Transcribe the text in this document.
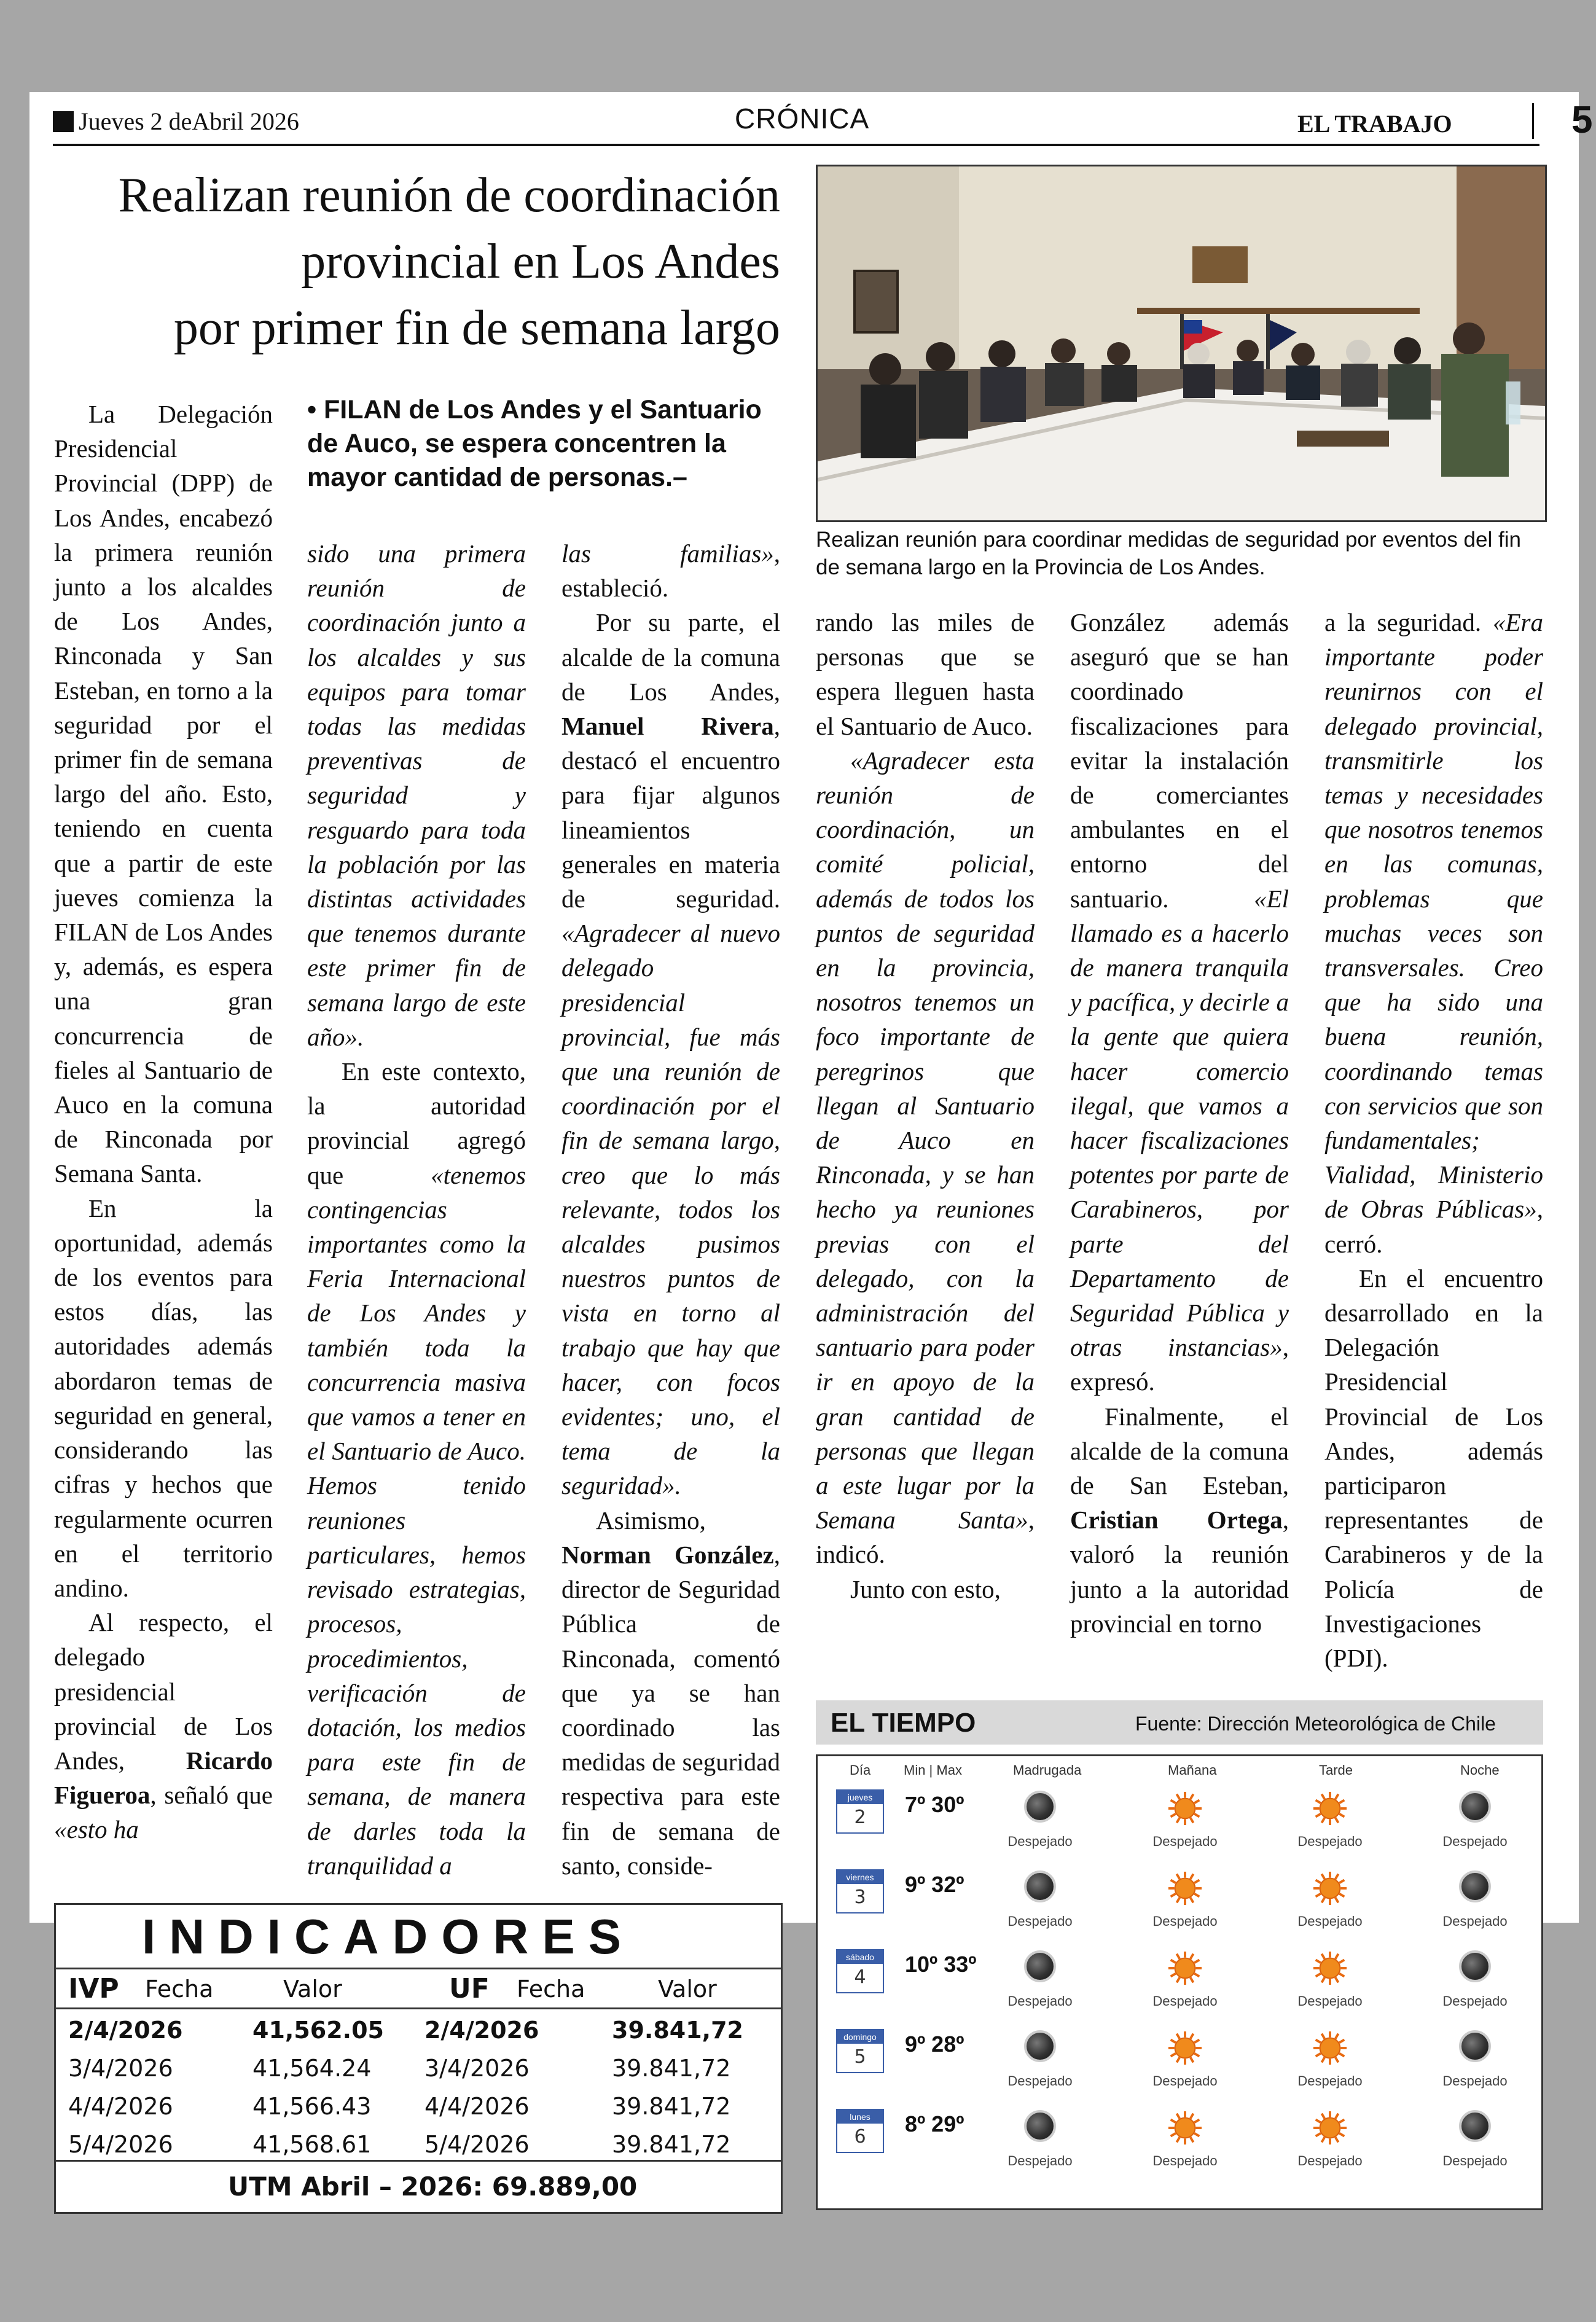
Jueves 2 deAbril 2026	CRÓNICA	EL TRABAJO	5
Realizan reunión de coordinación
provincial en Los Andes
por primer fin de semana largo
• FILAN de Los Andes y el Santuario de Auco, se espera concentren la mayor cantidad de personas.–
Realizan reunión para coordinar medidas de seguridad por eventos del fin de semana largo en la Provincia de Los Andes.

La Delegación Presidencial Provincial (DPP) de Los Andes, encabezó la primera reunión junto a los alcaldes de Los Andes, Rinconada y San Esteban, en torno a la seguridad por el primer fin de semana largo del año. Esto, teniendo en cuenta que a partir de este jueves comienza la FILAN de Los Andes y, además, es espera una gran concurrencia de fieles al Santuario de Auco en la comuna de Rinconada por Semana Santa.

En la oportunidad, además de los eventos para estos días, las autoridades además abordaron temas de seguridad en general, considerando las cifras y hechos que regularmente ocurren en el territorio andino.

Al respecto, el delegado presidencial provincial de Los Andes, Ricardo Figueroa, señaló que «esto ha

sido una primera reunión de coordinación junto a los alcaldes y sus equipos para tomar todas las medidas preventivas de seguridad y resguardo para toda la población por las distintas actividades que tenemos durante este primer fin de semana largo de este año».

En este contexto, la autoridad provincial agregó que «tenemos contingencias importantes como la Feria Internacional de Los Andes y también toda la concurrencia masiva que vamos a tener en el Santuario de Auco. Hemos tenido reuniones particulares, hemos revisado estrategias, procesos, procedimientos, verificación de dotación, los medios para este fin de semana, de manera de darles toda la tranquilidad a

las familias», estableció.

Por su parte, el alcalde de la comuna de Los Andes, Manuel Rivera, destacó el encuentro para fijar algunos lineamientos generales en materia de seguridad. «Agradecer al nuevo delegado presidencial provincial, fue más que una reunión de coordinación por el fin de semana largo, creo que lo más relevante, todos los alcaldes pusimos nuestros puntos de vista en torno al trabajo que hay que hacer, con focos evidentes; uno, el tema de la seguridad».

Asimismo, Norman González, director de Seguridad Pública de Rinconada, comentó que ya se han coordinado las medidas de seguridad respectiva para este fin de semana de santo, conside-

rando las miles de personas que se espera lleguen hasta el Santuario de Auco.

«Agradecer esta reunión de coordinación, un comité policial, además de todos los puntos de seguridad en la provincia, nosotros tenemos un foco importante de peregrinos que llegan al Santuario de Auco en Rinconada, y se han hecho ya reuniones previas con el delegado, con la administración del santuario para poder ir en apoyo de la gran cantidad de personas que llegan a este lugar por la Semana Santa», indicó.

Junto con esto,

González además aseguró que se han coordinado fiscalizaciones para evitar la instalación de comerciantes ambulantes en el entorno del santuario. «El llamado es a hacerlo de manera tranquila y pacífica, y decirle a la gente que quiera hacer comercio ilegal, que vamos a hacer fiscalizaciones potentes por parte de Carabineros, por parte del Departamento de Seguridad Pública y otras instancias», expresó.

Finalmente, el alcalde de la comuna de San Esteban, Cristian Ortega, valoró la reunión junto a la autoridad provincial en torno

a la seguridad. «Era importante poder reunirnos con el delegado provincial, transmitirle los temas y necesidades que nosotros tenemos en las comunas, problemas que muchas veces son transversales. Creo que ha sido una buena reunión, coordinando temas con servicios que son fundamentales; Vialidad, Ministerio de Obras Públicas», cerró.

En el encuentro desarrollado en la Delegación Presidencial Provincial de Los Andes, además participaron representantes de Carabineros y de la Policía de Investigaciones (PDI).

INDICADORES
IVP Fecha	Valor	UF Fecha	Valor
2/4/2026	41,562.05 2/4/2026	39.841,72
3/4/2026	41,564.24 3/4/2026	39.841,72
4/4/2026	41,566.43 4/4/2026	39.841,72
5/4/2026	41,568.61 5/4/2026	39.841,72
UTM Abril – 2026: 69.889,00
EL TIEMPO	Fuente: Dirección Meteorológica de Chile
Día Min | Max	Madrugada	Mañana	Tarde	Noche
jueves
2
7º 30º
Despejado	Despejado	Despejado	Despejado
viernes
3
9º 32º
Despejado	Despejado	Despejado	Despejado
sábado
4
10º 33º
Despejado	Despejado	Despejado	Despejado
domingo
5
9º 28º
Despejado	Despejado	Despejado	Despejado
lunes
6
8º 29º
Despejado	Despejado	Despejado	Despejado
